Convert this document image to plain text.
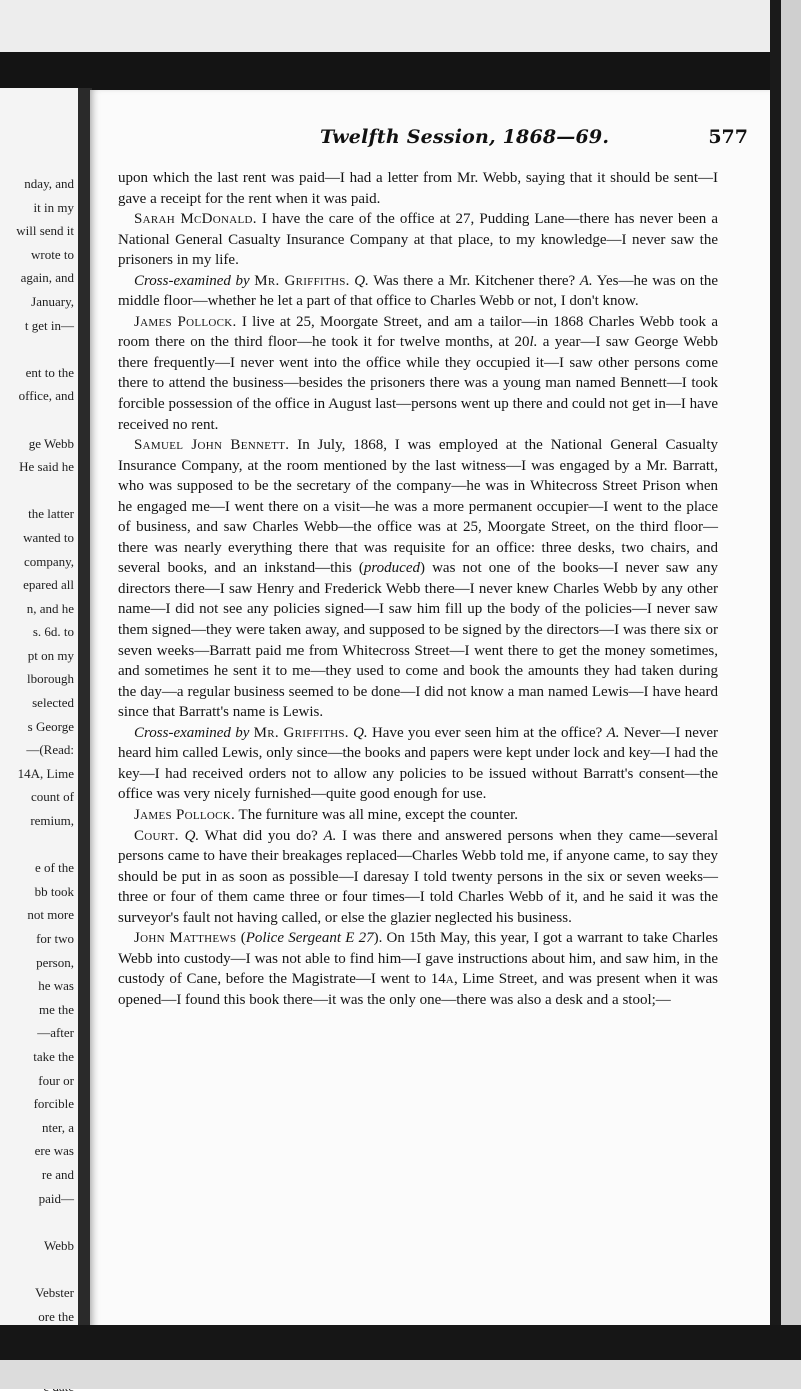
nday, and
it in my
will send it
wrote to
again, and
January,
t get in—
ent to the
office, and
ge Webb
He said he
the latter
wanted to
company,
epared all
n, and he
s. 6d. to
pt on my
lborough
selected
s George
—(Read:
14A, Lime
count of
remium,
e of the
bb took
not more
for two
person,
he was
me the
—after
take the
four or
forcible
nter, a
ere was
re and
paid—
Webb
Vebster
ore the
Twelfth Session, 1868—69.	577

upon which the last rent was paid—I had a letter from Mr. Webb, saying that it should be sent—I gave a receipt for the rent when it was paid.

Sarah McDonald. I have the care of the office at 27, Pudding Lane—there has never been a National General Casualty Insurance Company at that place, to my knowledge—I never saw the prisoners in my life.

Cross-examined by Mr. Griffiths. Q. Was there a Mr. Kitchener there? A. Yes—he was on the middle floor—whether he let a part of that office to Charles Webb or not, I don't know.

James Pollock. I live at 25, Moorgate Street, and am a tailor—in 1868 Charles Webb took a room there on the third floor—he took it for twelve months, at 20l. a year—I saw George Webb there frequently—I never went into the office while they occupied it—I saw other persons come there to attend the business—besides the prisoners there was a young man named Bennett—I took forcible possession of the office in August last—persons went up there and could not get in—I have received no rent.

Samuel John Bennett. In July, 1868, I was employed at the National General Casualty Insurance Company, at the room mentioned by the last witness—I was engaged by a Mr. Barratt, who was supposed to be the secretary of the company—he was in Whitecross Street Prison when he engaged me—I went there on a visit—he was a more permanent occupier—I went to the place of business, and saw Charles Webb—the office was at 25, Moorgate Street, on the third floor—there was nearly everything there that was requisite for an office: three desks, two chairs, and several books, and an inkstand—this (produced) was not one of the books—I never saw any directors there—I saw Henry and Frederick Webb there—I never knew Charles Webb by any other name—I did not see any policies signed—I saw him fill up the body of the policies—I never saw them signed—they were taken away, and supposed to be signed by the directors—I was there six or seven weeks—Barratt paid me from Whitecross Street—I went there to get the money sometimes, and sometimes he sent it to me—they used to come and book the amounts they had taken during the day—a regular business seemed to be done—I did not know a man named Lewis—I have heard since that Barratt's name is Lewis.

Cross-examined by Mr. Griffiths. Q. Have you ever seen him at the office? A. Never—I never heard him called Lewis, only since—the books and papers were kept under lock and key—I had the key—I had received orders not to allow any policies to be issued without Barratt's consent—the office was very nicely furnished—quite good enough for use.

James Pollock. The furniture was all mine, except the counter.

Court. Q. What did you do? A. I was there and answered persons when they came—several persons came to have their breakages replaced—Charles Webb told me, if anyone came, to say they should be put in as soon as possible—I daresay I told twenty persons in the six or seven weeks—three or four of them came three or four times—I told Charles Webb of it, and he said it was the surveyor's fault not having called, or else the glazier neglected his business.

John Matthews (Police Sergeant E 27). On 15th May, this year, I got a warrant to take Charles Webb into custody—I was not able to find him—I gave instructions about him, and saw him, in the custody of Cane, before the Magistrate—I went to 14a, Lime Street, and was present when it was opened—I found this book there—it was the only one—there was also a desk and a stool;—
